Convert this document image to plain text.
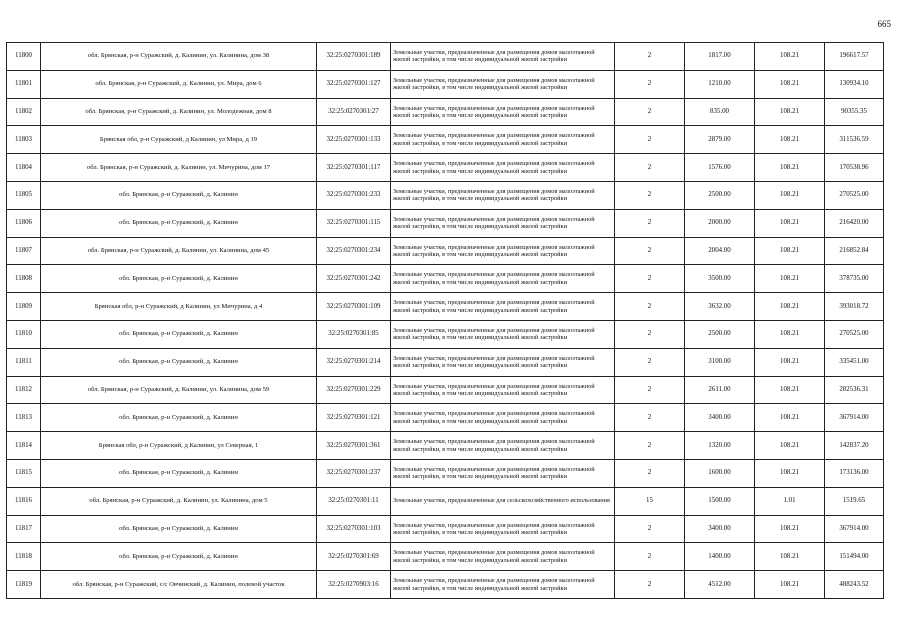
665
11800	обл. Брянская, р-н Суражский, д. Калинин, ул. Калинина, дом 38	32:25:0270301:189	Земельные участки, предназначенные для размещения домов малоэтажной жилой застройки, в том числе индивидуальной жилой застройки	2	1817.00	108.21	196617.57
11801	обл. Брянская, р-н Суражский, д. Калинин, ул. Мира, дом 6	32:25:0270301:127	Земельные участки, предназначенные для размещения домов малоэтажной жилой застройки, в том числе индивидуальной жилой застройки	2	1210.00	108.21	130934.10
11802	обл. Брянская, р-н Суражский, д. Калинин, ул. Молодежная, дом 8	32:25:0270301:27	Земельные участки, предназначенные для размещения домов малоэтажной жилой застройки, в том числе индивидуальной жилой застройки	2	835.00	108.21	90355.35
11803	Брянская обл, р-н Суражский, д Калинин, ул Мира, д 19	32:25:0270301:133	Земельные участки, предназначенные для размещения домов малоэтажной жилой застройки, в том числе индивидуальной жилой застройки	2	2879.00	108.21	311536.59
11804	обл. Брянская, р-н Суражский, д. Калинин, ул. Мичурина, дом 17	32:25:0270301:117	Земельные участки, предназначенные для размещения домов малоэтажной жилой застройки, в том числе индивидуальной жилой застройки	2	1576.00	108.21	170538.96
11805	обл. Брянская, р-н Суражский, д. Калинин	32:25:0270301:233	Земельные участки, предназначенные для размещения домов малоэтажной жилой застройки, в том числе индивидуальной жилой застройки	2	2500.00	108.21	270525.00
11806	обл. Брянская, р-н Суражский, д. Калинин	32:25:0270301:115	Земельные участки, предназначенные для размещения домов малоэтажной жилой застройки, в том числе индивидуальной жилой застройки	2	2000.00	108.21	216420.00
11807	обл. Брянская, р-н Суражский, д. Калинин, ул. Калинина, дом 45	32:25:0270301:234	Земельные участки, предназначенные для размещения домов малоэтажной жилой застройки, в том числе индивидуальной жилой застройки	2	2004.00	108.21	216852.84
11808	обл. Брянская, р-н Суражский, д. Калинин	32:25:0270301:242	Земельные участки, предназначенные для размещения домов малоэтажной жилой застройки, в том числе индивидуальной жилой застройки	2	3500.00	108.21	378735.00
11809	Брянская обл, р-н Суражский, д Калинин, ул Мичурина, д 4	32:25:0270301:109	Земельные участки, предназначенные для размещения домов малоэтажной жилой застройки, в том числе индивидуальной жилой застройки	2	3632.00	108.21	393018.72
11810	обл. Брянская, р-н Суражский, д. Калинин	32:25:0270301:85	Земельные участки, предназначенные для размещения домов малоэтажной жилой застройки, в том числе индивидуальной жилой застройки	2	2500.00	108.21	270525.00
11811	обл. Брянская, р-н Суражский, д. Калинин	32:25:0270301:214	Земельные участки, предназначенные для размещения домов малоэтажной жилой застройки, в том числе индивидуальной жилой застройки	2	3100.00	108.21	335451.00
11812	обл. Брянская, р-н Суражский, д. Калинин, ул. Калинина, дом 59	32:25:0270301:229	Земельные участки, предназначенные для размещения домов малоэтажной жилой застройки, в том числе индивидуальной жилой застройки	2	2611.00	108.21	282536.31
11813	обл. Брянская, р-н Суражский, д. Калинин	32:25:0270301:121	Земельные участки, предназначенные для размещения домов малоэтажной жилой застройки, в том числе индивидуальной жилой застройки	2	3400.00	108.21	367914.00
11814	Брянская обл, р-н Суражский, д Калинин, ул Северная, 1	32:25:0270301:361	Земельные участки, предназначенные для размещения домов малоэтажной жилой застройки, в том числе индивидуальной жилой застройки	2	1320.00	108.21	142837.20
11815	обл. Брянская, р-н Суражский, д. Калинин	32:25:0270301:237	Земельные участки, предназначенные для размещения домов малоэтажной жилой застройки, в том числе индивидуальной жилой застройки	2	1600.00	108.21	173136.00
11816	обл. Брянская, р-н Суражский, д. Калинин, ул. Калинина, дом 5	32:25:0270301:11	Земельные участки, предназначенные для сельскохозяйственного использования	15	1500.00	1.01	1519.65
11817	обл. Брянская, р-н Суражский, д. Калинин	32:25:0270301:103	Земельные участки, предназначенные для размещения домов малоэтажной жилой застройки, в том числе индивидуальной жилой застройки	2	3400.00	108.21	367914.00
11818	обл. Брянская, р-н Суражский, д. Калинин	32:25:0270301:69	Земельные участки, предназначенные для размещения домов малоэтажной жилой застройки, в том числе индивидуальной жилой застройки	2	1400.00	108.21	151494.00
11819	обл. Брянская, р-н Суражский, с/с Овчинский, д. Калинин, полевой участок	32:25:0270903:16	Земельные участки, предназначенные для размещения домов малоэтажной жилой застройки, в том числе индивидуальной жилой застройки	2	4512.00	108.21	488243.52
